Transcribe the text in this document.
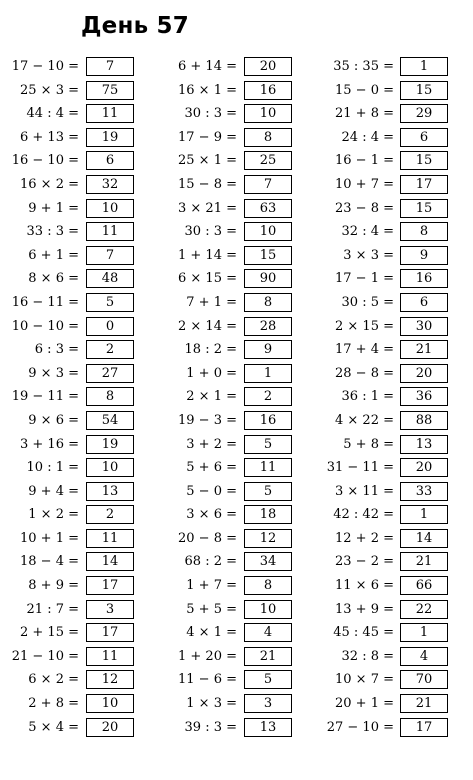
День 57
17 − 10 =	7
25 × 3 =	75
44 : 4 =	11
6 + 13 =	19
16 − 10 =	6
16 × 2 =	32
9 + 1 =	10
33 : 3 =	11
6 + 1 =	7
8 × 6 =	48
16 − 11 =	5
10 − 10 =	0
6 : 3 =	2
9 × 3 =	27
19 − 11 =	8
9 × 6 =	54
3 + 16 =	19
10 : 1 =	10
9 + 4 =	13
1 × 2 =	2
10 + 1 =	11
18 − 4 =	14
8 + 9 =	17
21 : 7 =	3
2 + 15 =	17
21 − 10 =	11
6 × 2 =	12
2 + 8 =	10
5 × 4 =	20
6 + 14 =	20
16 × 1 =	16
30 : 3 =	10
17 − 9 =	8
25 × 1 =	25
15 − 8 =	7
3 × 21 =	63
30 : 3 =	10
1 + 14 =	15
6 × 15 =	90
7 + 1 =	8
2 × 14 =	28
18 : 2 =	9
1 + 0 =	1
2 × 1 =	2
19 − 3 =	16
3 + 2 =	5
5 + 6 =	11
5 − 0 =	5
3 × 6 =	18
20 − 8 =	12
68 : 2 =	34
1 + 7 =	8
5 + 5 =	10
4 × 1 =	4
1 + 20 =	21
11 − 6 =	5
1 × 3 =	3
39 : 3 =	13
35 : 35 =	1
15 − 0 =	15
21 + 8 =	29
24 : 4 =	6
16 − 1 =	15
10 + 7 =	17
23 − 8 =	15
32 : 4 =	8
3 × 3 =	9
17 − 1 =	16
30 : 5 =	6
2 × 15 =	30
17 + 4 =	21
28 − 8 =	20
36 : 1 =	36
4 × 22 =	88
5 + 8 =	13
31 − 11 =	20
3 × 11 =	33
42 : 42 =	1
12 + 2 =	14
23 − 2 =	21
11 × 6 =	66
13 + 9 =	22
45 : 45 =	1
32 : 8 =	4
10 × 7 =	70
20 + 1 =	21
27 − 10 =	17
